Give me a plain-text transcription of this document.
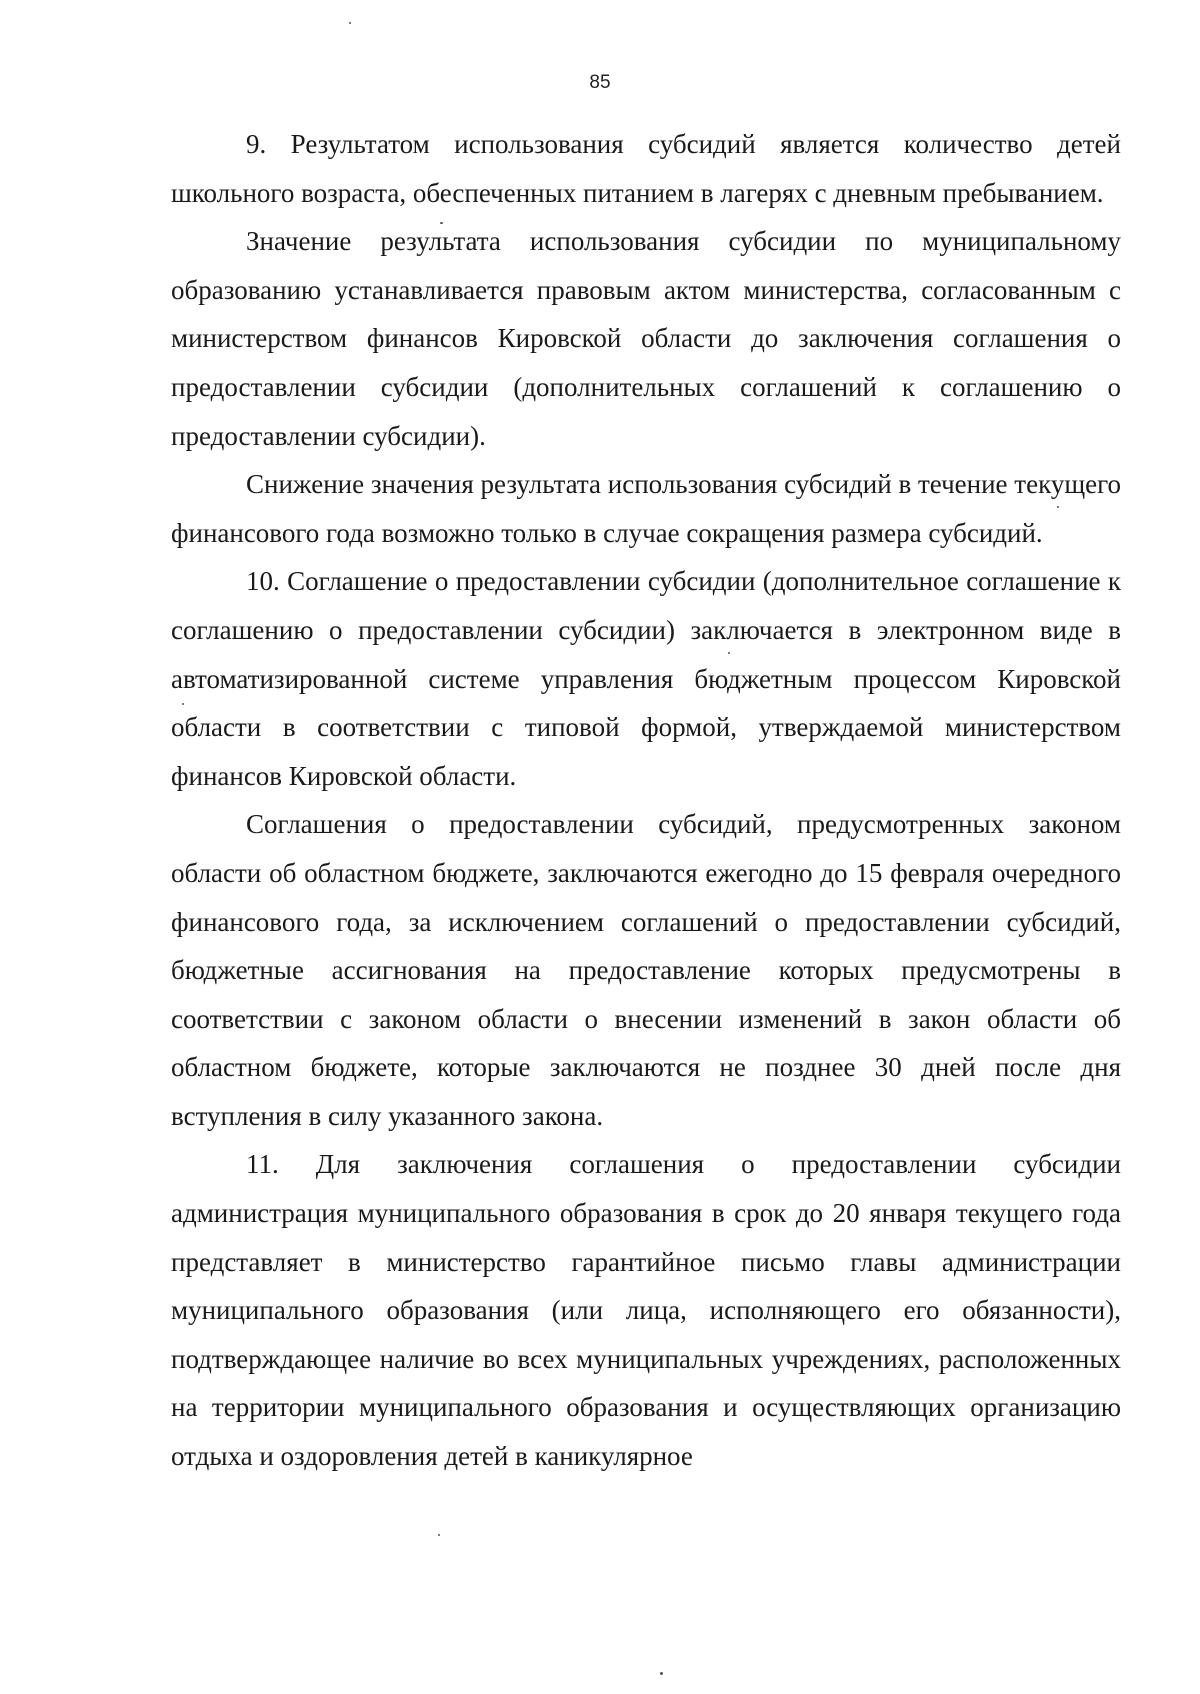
85

9. Результатом использования субсидий является количество детей школьного возраста, обеспеченных питанием в лагерях с дневным пребыванием.

Значение результата использования субсидии по муниципальному образованию устанавливается правовым актом министерства, согласованным с министерством финансов Кировской области до заключения соглашения о предоставлении субсидии (дополнительных соглашений к соглашению о предоставлении субсидии).

Снижение значения результата использования субсидий в течение текущего финансового года возможно только в случае сокращения размера субсидий.

10. Соглашение о предоставлении субсидии (дополнительное соглашение к соглашению о предоставлении субсидии) заключается в электронном виде в автоматизированной системе управления бюджетным процессом Кировской области в соответствии с типовой формой, утверждаемой министерством финансов Кировской области.

Соглашения о предоставлении субсидий, предусмотренных законом области об областном бюджете, заключаются ежегодно до 15 февраля очередного финансового года, за исключением соглашений о предоставлении субсидий, бюджетные ассигнования на предоставление которых предусмотрены в соответствии с законом области о внесении изменений в закон области об областном бюджете, которые заключаются не позднее 30 дней после дня вступления в силу указанного закона.

11. Для заключения соглашения о предоставлении субсидии администрация муниципального образования в срок до 20 января текущего года представляет в министерство гарантийное письмо главы администрации муниципального образования (или лица, исполняющего его обязанности), подтверждающее наличие во всех муниципальных учреждениях, расположенных на территории муниципального образования и осуществляющих организацию отдыха и оздоровления детей в каникулярное
